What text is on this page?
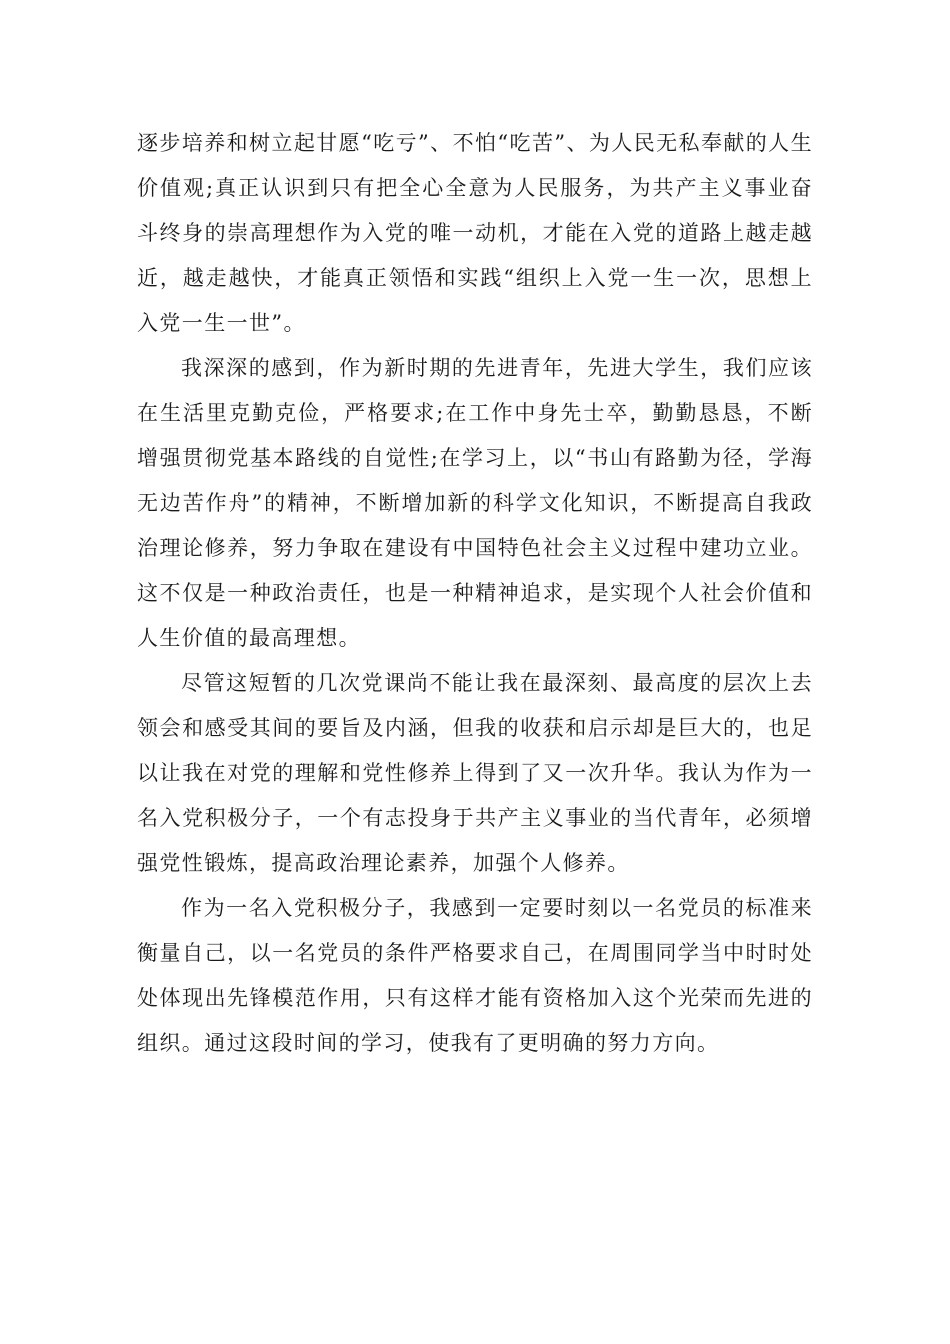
逐步培养和树立起甘愿“吃亏”、不怕“吃苦”、为人民无私奉献的人生价值观;真正认识到只有把全心全意为人民服务，为共产主义事业奋斗终身的崇高理想作为入党的唯一动机，才能在入党的道路上越走越近，越走越快，才能真正领悟和实践“组织上入党一生一次，思想上入党一生一世”。

我深深的感到，作为新时期的先进青年，先进大学生，我们应该在生活里克勤克俭，严格要求;在工作中身先士卒，勤勤恳恳，不断增强贯彻党基本路线的自觉性;在学习上，以“书山有路勤为径，学海无边苦作舟”的精神，不断增加新的科学文化知识，不断提高自我政治理论修养，努力争取在建设有中国特色社会主义过程中建功立业。这不仅是一种政治责任，也是一种精神追求，是实现个人社会价值和人生价值的最高理想。

尽管这短暂的几次党课尚不能让我在最深刻、最高度的层次上去领会和感受其间的要旨及内涵，但我的收获和启示却是巨大的，也足以让我在对党的理解和党性修养上得到了又一次升华。我认为作为一名入党积极分子，一个有志投身于共产主义事业的当代青年，必须增强党性锻炼，提高政治理论素养，加强个人修养。

作为一名入党积极分子，我感到一定要时刻以一名党员的标准来衡量自己，以一名党员的条件严格要求自己，在周围同学当中时时处处体现出先锋模范作用，只有这样才能有资格加入这个光荣而先进的组织。通过这段时间的学习，使我有了更明确的努力方向。
